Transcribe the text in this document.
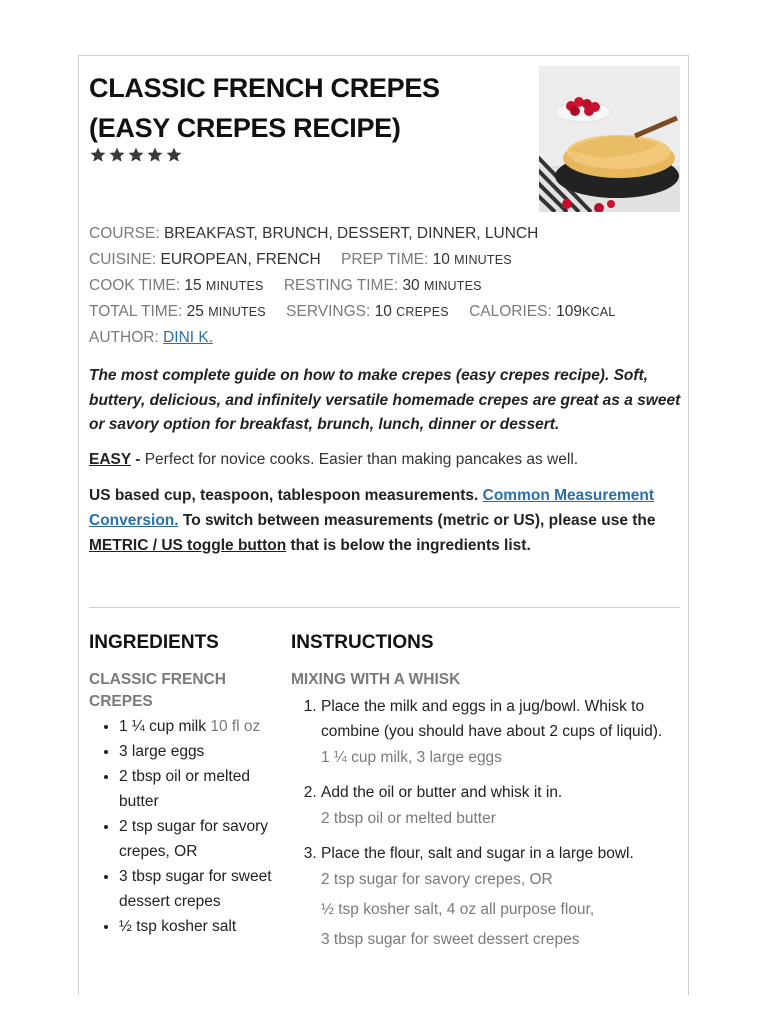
CLASSIC FRENCH CREPES
(EASY CREPES RECIPE)
COURSE: BREAKFAST, BRUNCH, DESSERT, DINNER, LUNCH
CUISINE: EUROPEAN, FRENCH PREP TIME: 10 MINUTES
COOK TIME: 15 MINUTES RESTING TIME: 30 MINUTES
TOTAL TIME: 25 MINUTES SERVINGS: 10 CREPES CALORIES: 109KCAL
AUTHOR: DINI K.

The most complete guide on how to make crepes (easy crepes recipe). Soft, buttery, delicious, and infinitely versatile homemade crepes are great as a sweet or savory option for breakfast, brunch, lunch, dinner or dessert.

EASY - Perfect for novice cooks. Easier than making pancakes as well.

US based cup, teaspoon, tablespoon measurements. Common Measurement Conversion. To switch between measurements (metric or US), please use the METRIC / US toggle button that is below the ingredients list.

INGREDIENTS	INSTRUCTIONS
CLASSIC FRENCH CREPES
MIXING WITH A WHISK
• 1 ¼ cup milk 10 fl oz
• 3 large eggs
• 2 tbsp oil or melted butter
• 2 tsp sugar for savory crepes, OR
• 3 tbsp sugar for sweet dessert crepes
• ½ tsp kosher salt
1. Place the milk and eggs in a jug/bowl. Whisk to combine (you should have about 2 cups of liquid).
1 ¼ cup milk, 3 large eggs
2. Add the oil or butter and whisk it in.
2 tbsp oil or melted butter
3. Place the flour, salt and sugar in a large bowl.
2 tsp sugar for savory crepes, OR
½ tsp kosher salt, 4 oz all purpose flour,
3 tbsp sugar for sweet dessert crepes
